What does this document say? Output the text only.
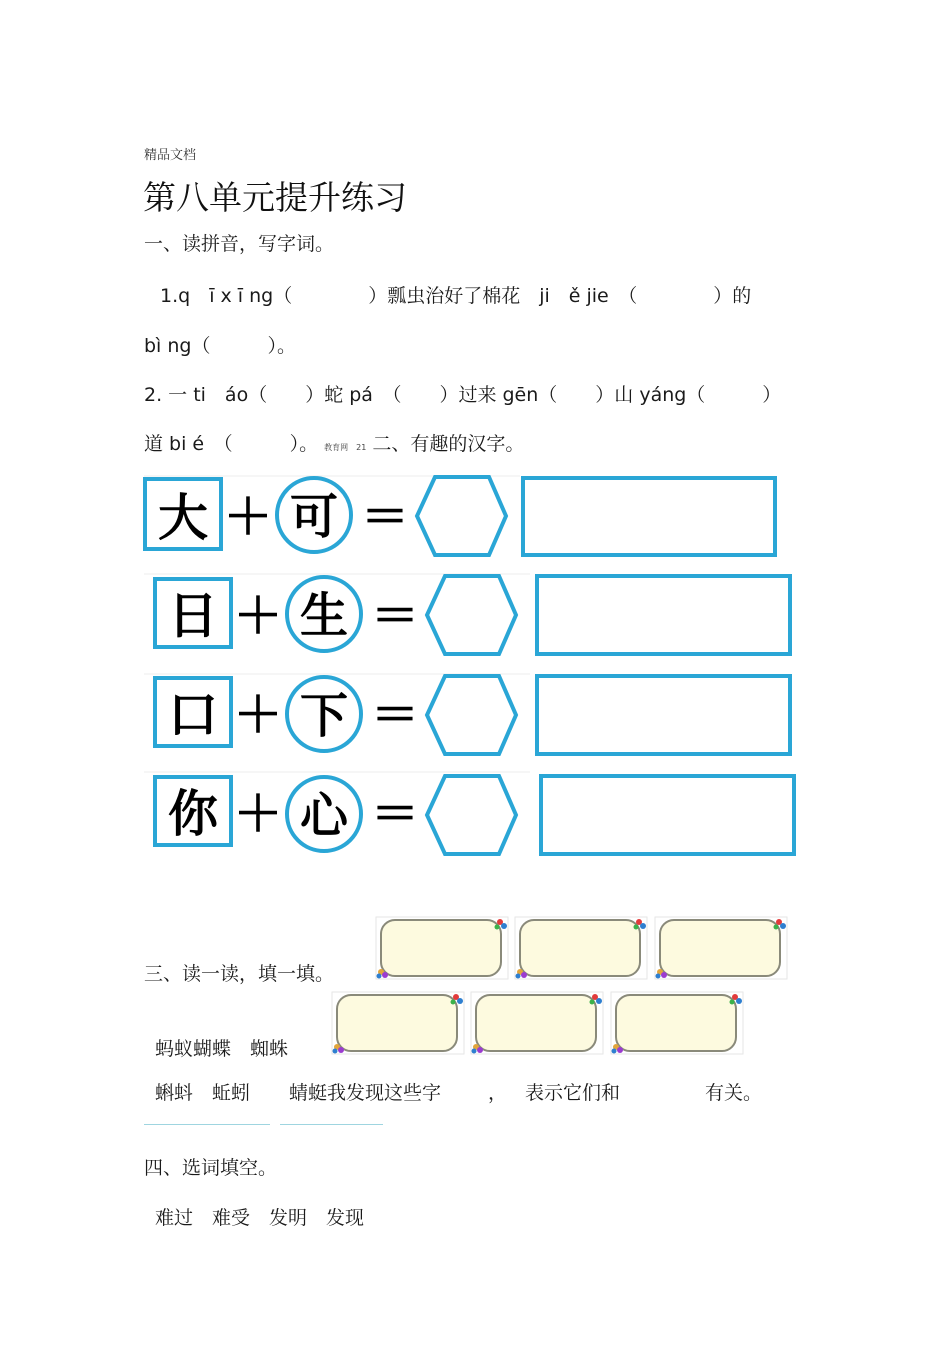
精品文档
第八单元提升练习
一、读拼音，写字词。
1.q　ī x ī ng（　　　　）瓢虫治好了棉花　ji　ě jie　（　　　　）的
bì ng（　　　）。
2. 一 ti　áo（　　）蛇 pá　（　　）过来 gēn（　　）山 yáng（　　　）
道 bi é　（　　　）。 教育网　21 二、有趣的汉字。
大 ＋ 可 ＝
日 ＋ 生 ＝
口 ＋ 下 ＝
你 ＋ 心 ＝
三、读一读，填一填。
蚂蚁蝴蝶　蜘蛛
蝌蚪　蚯蚓 蜻蜓我发现这些字 ， 表示它们和	有关。
四、选词填空。
难过　难受　发明　发现
